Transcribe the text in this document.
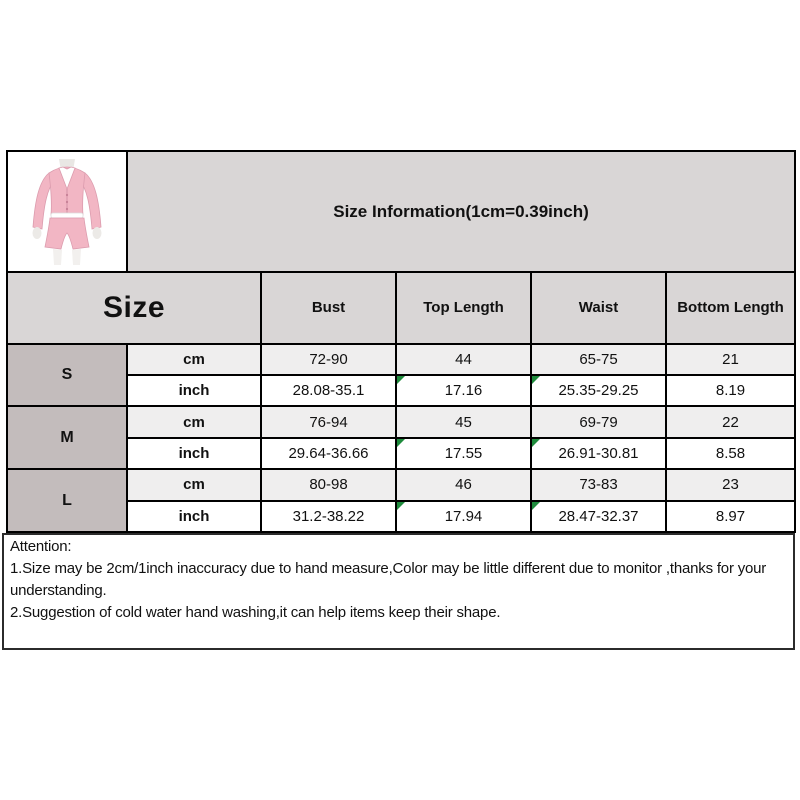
	Size Information(1cm=0.39inch)				
Size		Bust	Top Length	Waist	Bottom Length
S	cm	72-90	44	65-75	21
	inch	28.08-35.1	17.16	25.35-29.25	8.19
M	cm	76-94	45	69-79	22
	inch	29.64-36.66	17.55	26.91-30.81	8.58
L	cm	80-98	46	73-83	23
	inch	31.2-38.22	17.94	28.47-32.37	8.97

Attention:

1.Size may be 2cm/1inch inaccuracy due to hand measure,Color may be little different due to monitor ,thanks for your understanding.

2.Suggestion of cold water hand washing,it can help items keep their shape.
